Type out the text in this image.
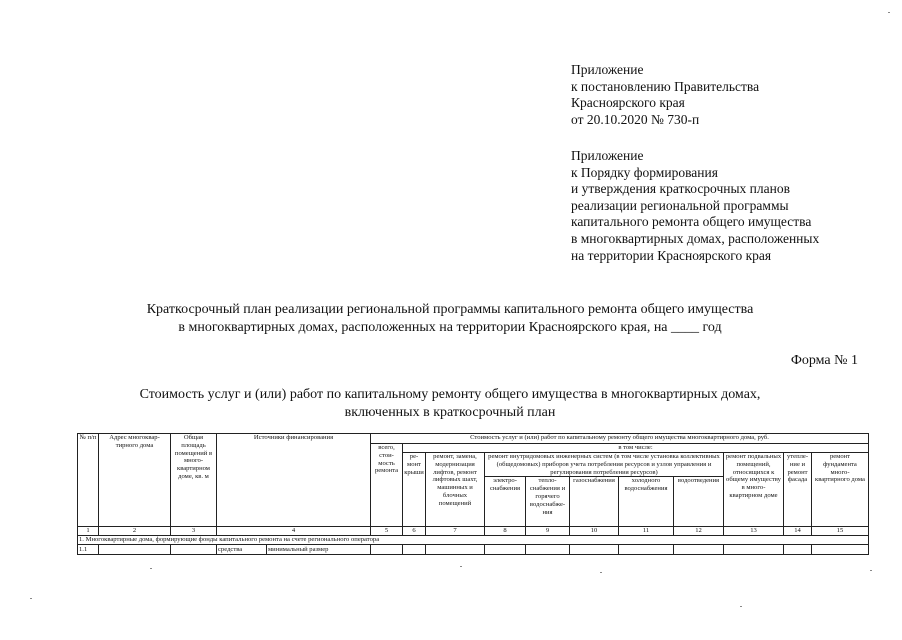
Приложение
к постановлению Правительства
Красноярского края
от 20.10.2020 № 730-п
Приложение
к Порядку формирования
и утверждения краткосрочных планов
реализации региональной программы
капитального ремонта общего имущества
в многоквартирных домах, расположенных
на территории Красноярского края
Краткосрочный план реализации региональной программы капитального ремонта общего имущества
в многоквартирных домах, расположенных на территории Красноярского края, на ____ год
Форма № 1
Стоимость услуг и (или) работ по капитальному ремонту общего имущества в многоквартирных домах,
включенных в краткосрочный план
№ п/п	Адрес многоквар- тирного дома	Общая площадь помещений в много- квартирном доме, кв. м	Источники финансирования		Стоимость услуг и (или) работ по капитальному ремонту общего имущества многоквартирного дома, руб.										
					всего, стои- мость ремонта	в том числе:									
						ре- монт крыши	ремонт, замена, модернизация лифтов, ремонт лифтовых шахт, машинных и блочных помещений	ремонт внутридомовых инженерных систем (в том числе установка коллективных (общедомовых) приборов учета потребления ресурсов и узлов управления и регулирования потребления ресурсов)					ремонт подвальных помещений, относящихся к общему имуществу в много- квартирном доме	утепле- ние и ремонт фасада	ремонт фундамента много- квартирного дома
								электро- снабжения	тепло- снабжения и горячего водоснабже- ния	газоснабжения	холодного водоснабжения	водоотведения			
1	2	3	4		5	6	7	8	9	10	11	12	13	14	15
1. Многоквартирные дома, формирующие фонды капитального ремонта на счете регионального оператора															
1.1			средства	минимальный размер											
